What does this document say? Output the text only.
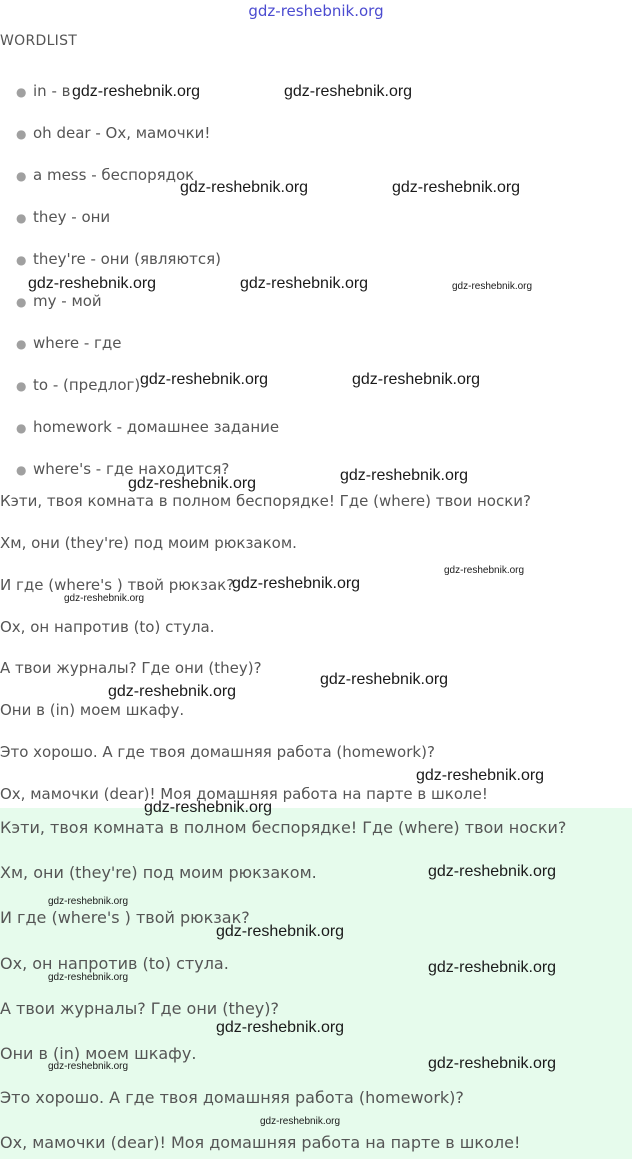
gdz-reshebnik.org
WORDLIST
● in - в
● oh dear - Ох, мамочки!
● a mess - беспорядок
● they - они
● they're - они (являются)
● my - мой
● where - где
● to - (предлог)
● homework - домашнее задание
● where's - где находится?
Кэти, твоя комната в полном беспорядке! Где (where) твои носки?
Хм, они (they're) под моим рюкзаком.
И где (where's ) твой рюкзак?
Ох, он напротив (to) стула.
А твои журналы? Где они (they)?
Они в (in) моем шкафу.
Это хорошо. А где твоя домашняя работа (homework)?
Ох, мамочки (dear)! Моя домашняя работа на парте в школе!
Кэти, твоя комната в полном беспорядке! Где (where) твои носки?
Хм, они (they're) под моим рюкзаком.
И где (where's ) твой рюкзак?
Ох, он напротив (to) стула.
А твои журналы? Где они (they)?
Они в (in) моем шкафу.
Это хорошо. А где твоя домашняя работа (homework)?
Ох, мамочки (dear)! Моя домашняя работа на парте в школе!
gdz-reshebnik.org	gdz-reshebnik.org
gdz-reshebnik.org	gdz-reshebnik.org
gdz-reshebnik.org	gdz-reshebnik.org	gdz-reshebnik.org
gdz-reshebnik.org	gdz-reshebnik.org
gdz-reshebnik.org
gdz-reshebnik.org
gdz-reshebnik.org
gdz-reshebnik.org
gdz-reshebnik.org
gdz-reshebnik.org
gdz-reshebnik.org
gdz-reshebnik.org
gdz-reshebnik.org
gdz-reshebnik.org
gdz-reshebnik.org
gdz-reshebnik.org
gdz-reshebnik.org
gdz-reshebnik.org
gdz-reshebnik.org
gdz-reshebnik.org	gdz-reshebnik.org
gdz-reshebnik.org
